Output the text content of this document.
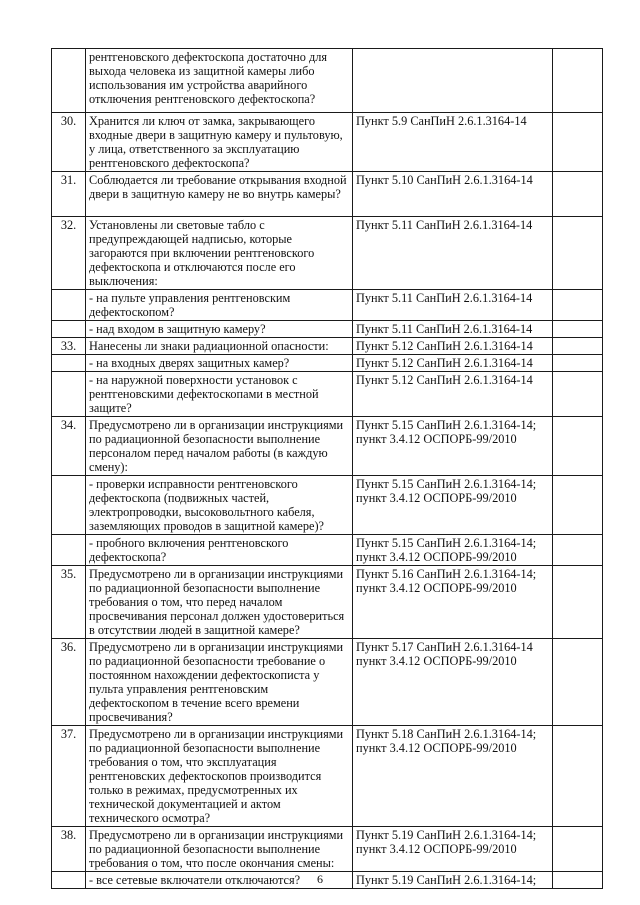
	рентгеновского дефектоскопа достаточно для выхода человека из защитной камеры либо использования им устройства аварийного отключения рентгеновского дефектоскопа?		
30.	Хранится ли ключ от замка, закрывающего входные двери в защитную камеру и пультовую, у лица, ответственного за эксплуатацию рентгеновского дефектоскопа?	Пункт 5.9 СанПиН 2.6.1.3164-14	
31.	Соблюдается ли требование открывания входной двери в защитную камеру не во внутрь камеры?	Пункт 5.10 СанПиН 2.6.1.3164-14	
32.	Установлены ли световые табло с предупреждающей надписью, которые загораются при включении рентгеновского дефектоскопа и отключаются после его выключения:	Пункт 5.11 СанПиН 2.6.1.3164-14	
	- на пульте управления рентгеновским дефектоскопом?	Пункт 5.11 СанПиН 2.6.1.3164-14	
	- над входом в защитную камеру?	Пункт 5.11 СанПиН 2.6.1.3164-14	
33.	Нанесены ли знаки радиационной опасности:	Пункт 5.12 СанПиН 2.6.1.3164-14	
	- на входных дверях защитных камер?	Пункт 5.12 СанПиН 2.6.1.3164-14	
	- на наружной поверхности установок с рентгеновскими дефектоскопами в местной защите?	Пункт 5.12 СанПиН 2.6.1.3164-14	
34.	Предусмотрено ли в организации инструкциями по радиационной безопасности выполнение персоналом перед началом работы (в каждую смену):	Пункт 5.15 СанПиН 2.6.1.3164-14;
пункт 3.4.12 ОСПОРБ-99/2010	
	- проверки исправности рентгеновского дефектоскопа (подвижных частей, электропроводки, высоковольтного кабеля, заземляющих проводов в защитной камере)?	Пункт 5.15 СанПиН 2.6.1.3164-14;
пункт 3.4.12 ОСПОРБ-99/2010	
	- пробного включения рентгеновского дефектоскопа?	Пункт 5.15 СанПиН 2.6.1.3164-14;
пункт 3.4.12 ОСПОРБ-99/2010	
35.	Предусмотрено ли в организации инструкциями по радиационной безопасности выполнение требования о том, что перед началом просвечивания персонал должен удостовериться в отсутствии людей в защитной камере?	Пункт 5.16 СанПиН 2.6.1.3164-14;
пункт 3.4.12 ОСПОРБ-99/2010	
36.	Предусмотрено ли в организации инструкциями по радиационной безопасности требование о постоянном нахождении дефектоскописта у пульта управления рентгеновским дефектоскопом в течение всего времени просвечивания?	Пункт 5.17 СанПиН 2.6.1.3164-14
пункт 3.4.12 ОСПОРБ-99/2010	
37.	Предусмотрено ли в организации инструкциями по радиационной безопасности выполнение требования о том, что эксплуатация рентгеновских дефектоскопов производится только в режимах, предусмотренных их технической документацией и актом технического осмотра?	Пункт 5.18 СанПиН 2.6.1.3164-14;
пункт 3.4.12 ОСПОРБ-99/2010	
38.	Предусмотрено ли в организации инструкциями по радиационной безопасности выполнение требования о том, что после окончания смены:	Пункт 5.19 СанПиН 2.6.1.3164-14;
пункт 3.4.12 ОСПОРБ-99/2010	
	- все сетевые включатели отключаются?	Пункт 5.19 СанПиН 2.6.1.3164-14;	
6
